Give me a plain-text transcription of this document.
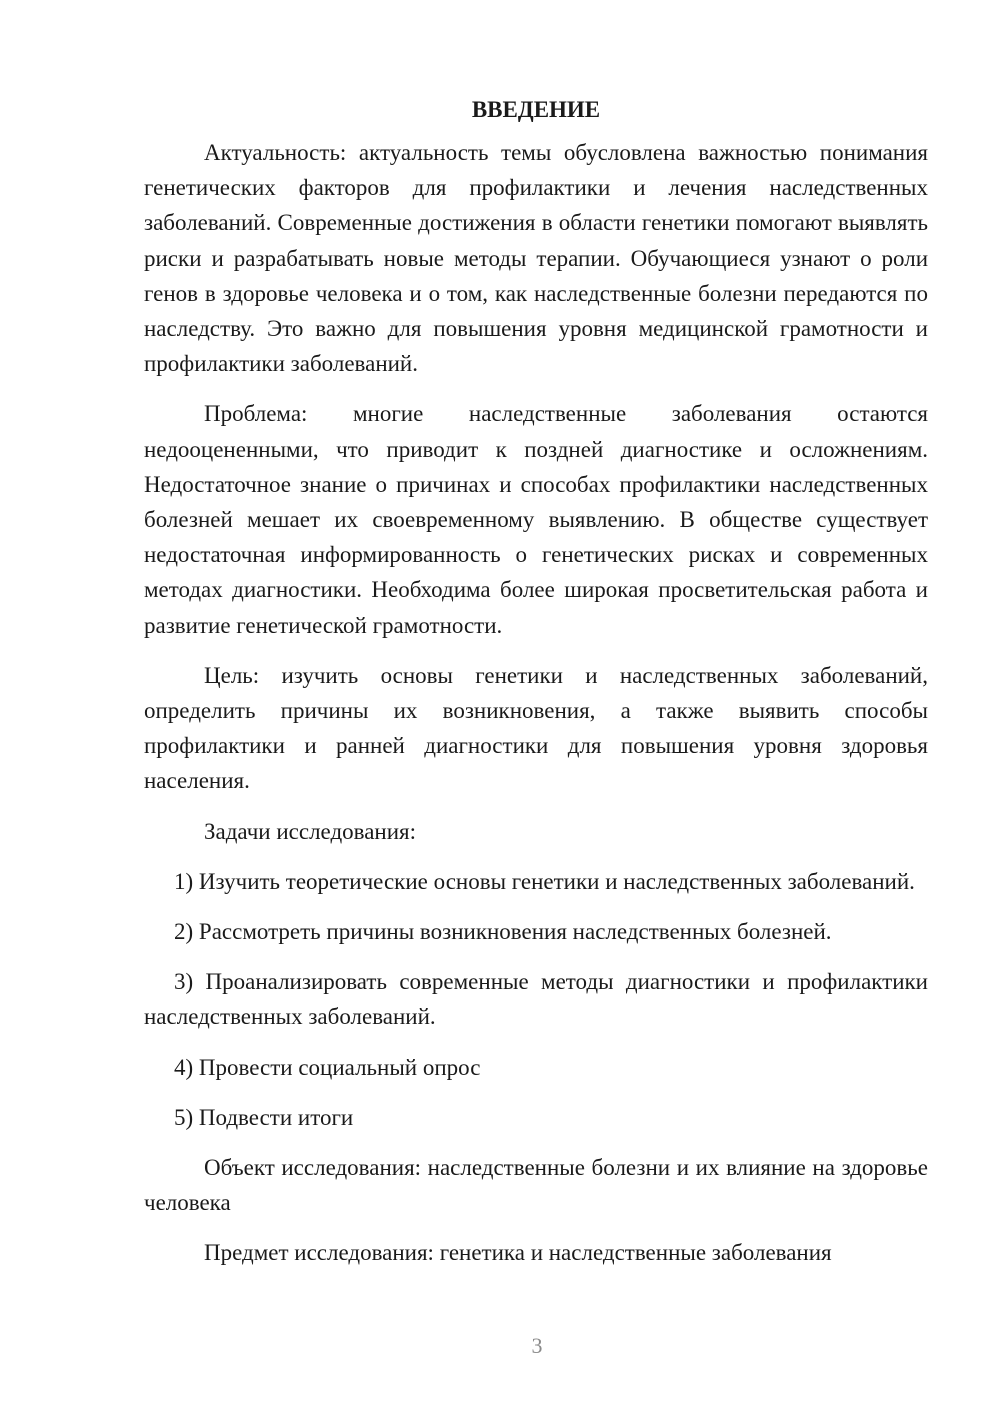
ВВЕДЕНИЕ

Актуальность: актуальность темы обусловлена важностью понимания генетических факторов для профилактики и лечения наследственных заболеваний. Современные достижения в области генетики помогают выявлять риски и разрабатывать новые методы терапии. Обучающиеся узнают о роли генов в здоровье человека и о том, как наследственные болезни передаются по наследству. Это важно для повышения уровня медицинской грамотности и профилактики заболеваний.

Проблема: многие наследственные заболевания остаются недооцененными, что приводит к поздней диагностике и осложнениям. Недостаточное знание о причинах и способах профилактики наследственных болезней мешает их своевременному выявлению. В обществе существует недостаточная информированность о генетических рисках и современных методах диагностики. Необходима более широкая просветительская работа и развитие генетической грамотности.

Цель: изучить основы генетики и наследственных заболеваний, определить причины их возникновения, а также выявить способы профилактики и ранней диагностики для повышения уровня здоровья населения.

Задачи исследования:

1) Изучить теоретические основы генетики и наследственных заболеваний.

2) Рассмотреть причины возникновения наследственных болезней.

3) Проанализировать современные методы диагностики и профилактики наследственных заболеваний.

4) Провести социальный опрос

5) Подвести итоги

Объект исследования: наследственные болезни и их влияние на здоровье человека

Предмет исследования: генетика и наследственные заболевания

3
